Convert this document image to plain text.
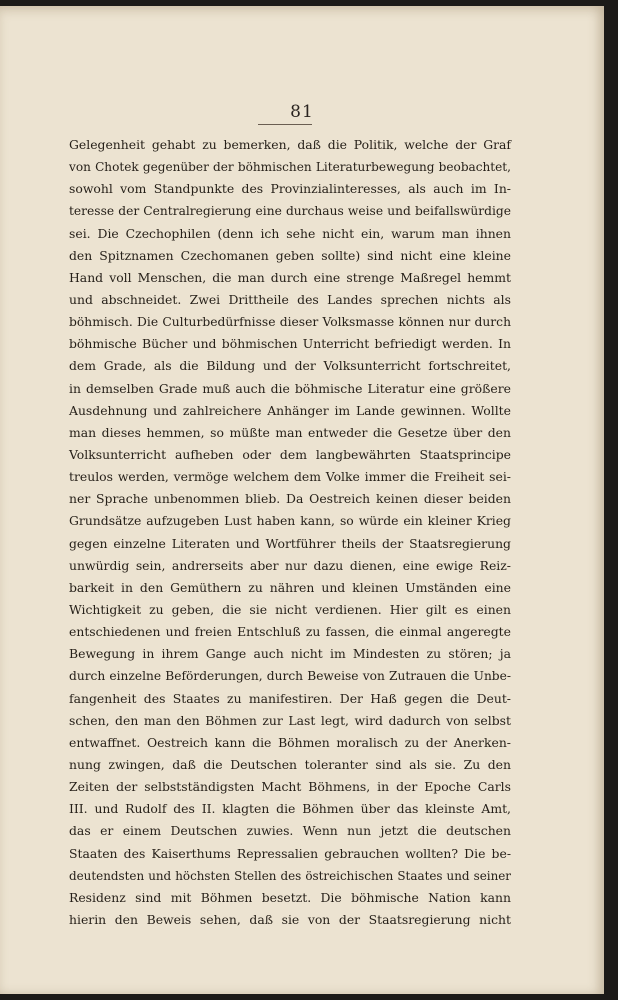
81
Gelegenheit gehabt zu bemerken, daß die Politik, welche der Graf
von Chotek gegenüber der böhmischen Literaturbewegung beobachtet,
sowohl vom Standpunkte des Provinzialinteresses, als auch im In-
teresse der Centralregierung eine durchaus weise und beifallswürdige
sei. Die Czechophilen (denn ich sehe nicht ein, warum man ihnen
den Spitznamen Czechomanen geben sollte) sind nicht eine kleine
Hand voll Menschen, die man durch eine strenge Maßregel hemmt
und abschneidet. Zwei Drittheile des Landes sprechen nichts als
böhmisch. Die Culturbedürfnisse dieser Volksmasse können nur durch
böhmische Bücher und böhmischen Unterricht befriedigt werden. In
dem Grade, als die Bildung und der Volksunterricht fortschreitet,
in demselben Grade muß auch die böhmische Literatur eine größere
Ausdehnung und zahlreichere Anhänger im Lande gewinnen. Wollte
man dieses hemmen, so müßte man entweder die Gesetze über den
Volksunterricht aufheben oder dem langbewährten Staatsprincipe
treulos werden, vermöge welchem dem Volke immer die Freiheit sei-
ner Sprache unbenommen blieb. Da Oestreich keinen dieser beiden
Grundsätze aufzugeben Lust haben kann, so würde ein kleiner Krieg
gegen einzelne Literaten und Wortführer theils der Staatsregierung
unwürdig sein, andrerseits aber nur dazu dienen, eine ewige Reiz-
barkeit in den Gemüthern zu nähren und kleinen Umständen eine
Wichtigkeit zu geben, die sie nicht verdienen. Hier gilt es einen
entschiedenen und freien Entschluß zu fassen, die einmal angeregte
Bewegung in ihrem Gange auch nicht im Mindesten zu stören; ja
durch einzelne Beförderungen, durch Beweise von Zutrauen die Unbe-
fangenheit des Staates zu manifestiren. Der Haß gegen die Deut-
schen, den man den Böhmen zur Last legt, wird dadurch von selbst
entwaffnet. Oestreich kann die Böhmen moralisch zu der Anerken-
nung zwingen, daß die Deutschen toleranter sind als sie. Zu den
Zeiten der selbstständigsten Macht Böhmens, in der Epoche Carls
III. und Rudolf des II. klagten die Böhmen über das kleinste Amt,
das er einem Deutschen zuwies. Wenn nun jetzt die deutschen
Staaten des Kaiserthums Repressalien gebrauchen wollten? Die be-
deutendsten und höchsten Stellen des östreichischen Staates und seiner
Residenz sind mit Böhmen besetzt. Die böhmische Nation kann
hierin den Beweis sehen, daß sie von der Staatsregierung nicht
